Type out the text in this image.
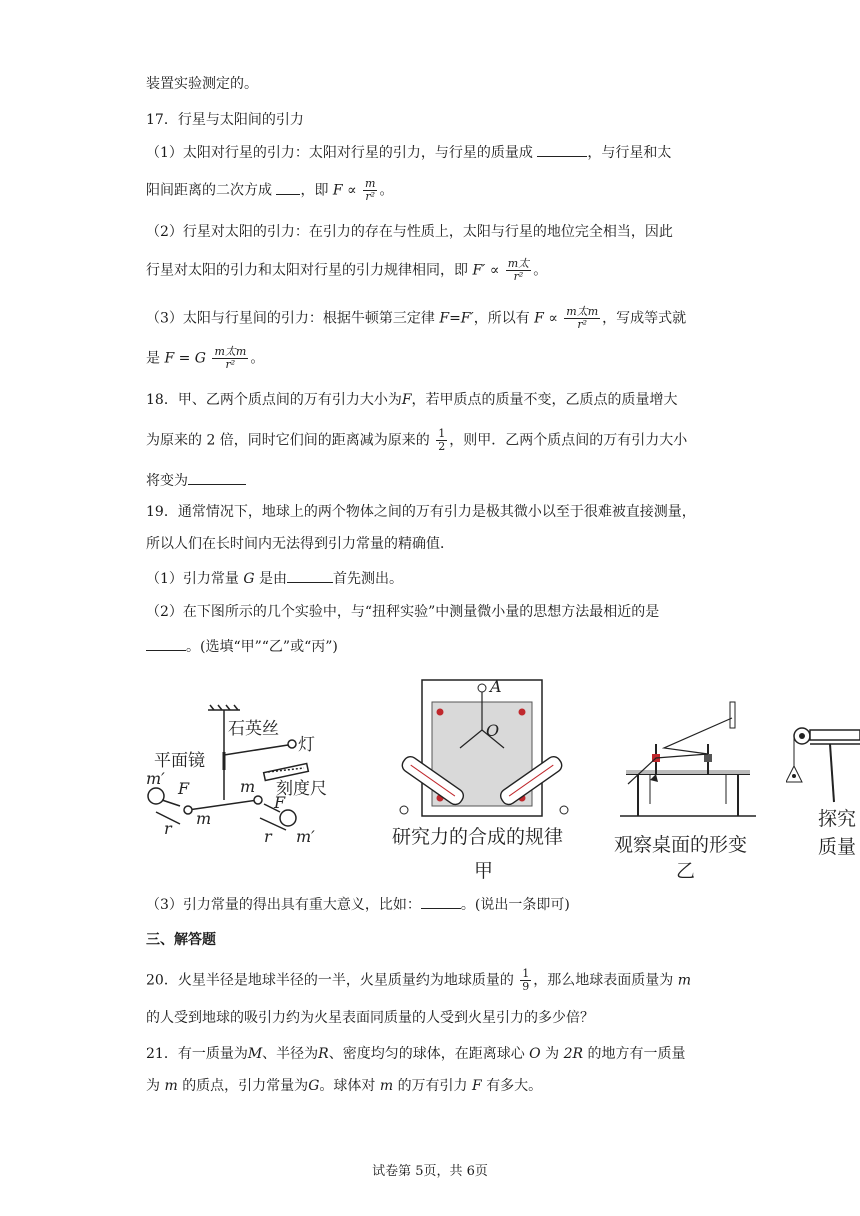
装置实验测定的。
17．行星与太阳间的引力
（1）太阳对行星的引力：太阳对行星的引力，与行星的质量成	，与行星和太
阳间距离的二次方成 ，即 $F \propto \frac{m}{\text{r²}}$ 。
（2）行星对太阳的引力：在引力的存在与性质上，太阳与行星的地位完全相当，因此
行星对太阳的引力和太阳对行星的引力规律相同，即 $F' \propto \frac{\text{m太}}{\text{r²}}$ 。
（3）太阳与行星间的引力：根据牛顿第三定律 F=F′，所以有 $F \propto \frac{\text{m太m}}{\text{r²}}$ ，写成等式就
是 F = G $\frac{\text{m太m}}{\text{r²}}$ 。
18．甲、乙两个质点间的万有引力大小为F，若甲质点的质量不变，乙质点的质量增大
为原来的 2 倍，同时它们间的距离减为原来的 $\frac{1}{2}$ ，则甲．乙两个质点间的万有引力大小
将变为
19．通常情况下，地球上的两个物体之间的万有引力是极其微小以至于很难被直接测量，
所以人们在长时间内无法得到引力常量的精确值．
（1）引力常量 G 是由	首先测出。
（2）在下图所示的几个实验中，与“扭秤实验”中测量微小量的思想方法最相近的是
。(选填“甲”“乙”或“丙”)
石英丝
灯
平面镜
刻度尺
m′
F
m
r
m
F
r m′
A
O
研究力的合成的规律
甲
观察桌面的形变
乙
探究
质量
（3）引力常量的得出具有重大意义，比如：	。(说出一条即可)
三、解答题
20．火星半径是地球半径的一半，火星质量约为地球质量的 $\frac{1}{9}$ ，那么地球表面质量为 m
的人受到地球的吸引力约为火星表面同质量的人受到火星引力的多少倍？
21．有一质量为M、半径为R、密度均匀的球体，在距离球心 O 为 2R 的地方有一质量
为 m 的质点，引力常量为G。球体对 m 的万有引力 F 有多大。
试卷第 5页，共 6页
